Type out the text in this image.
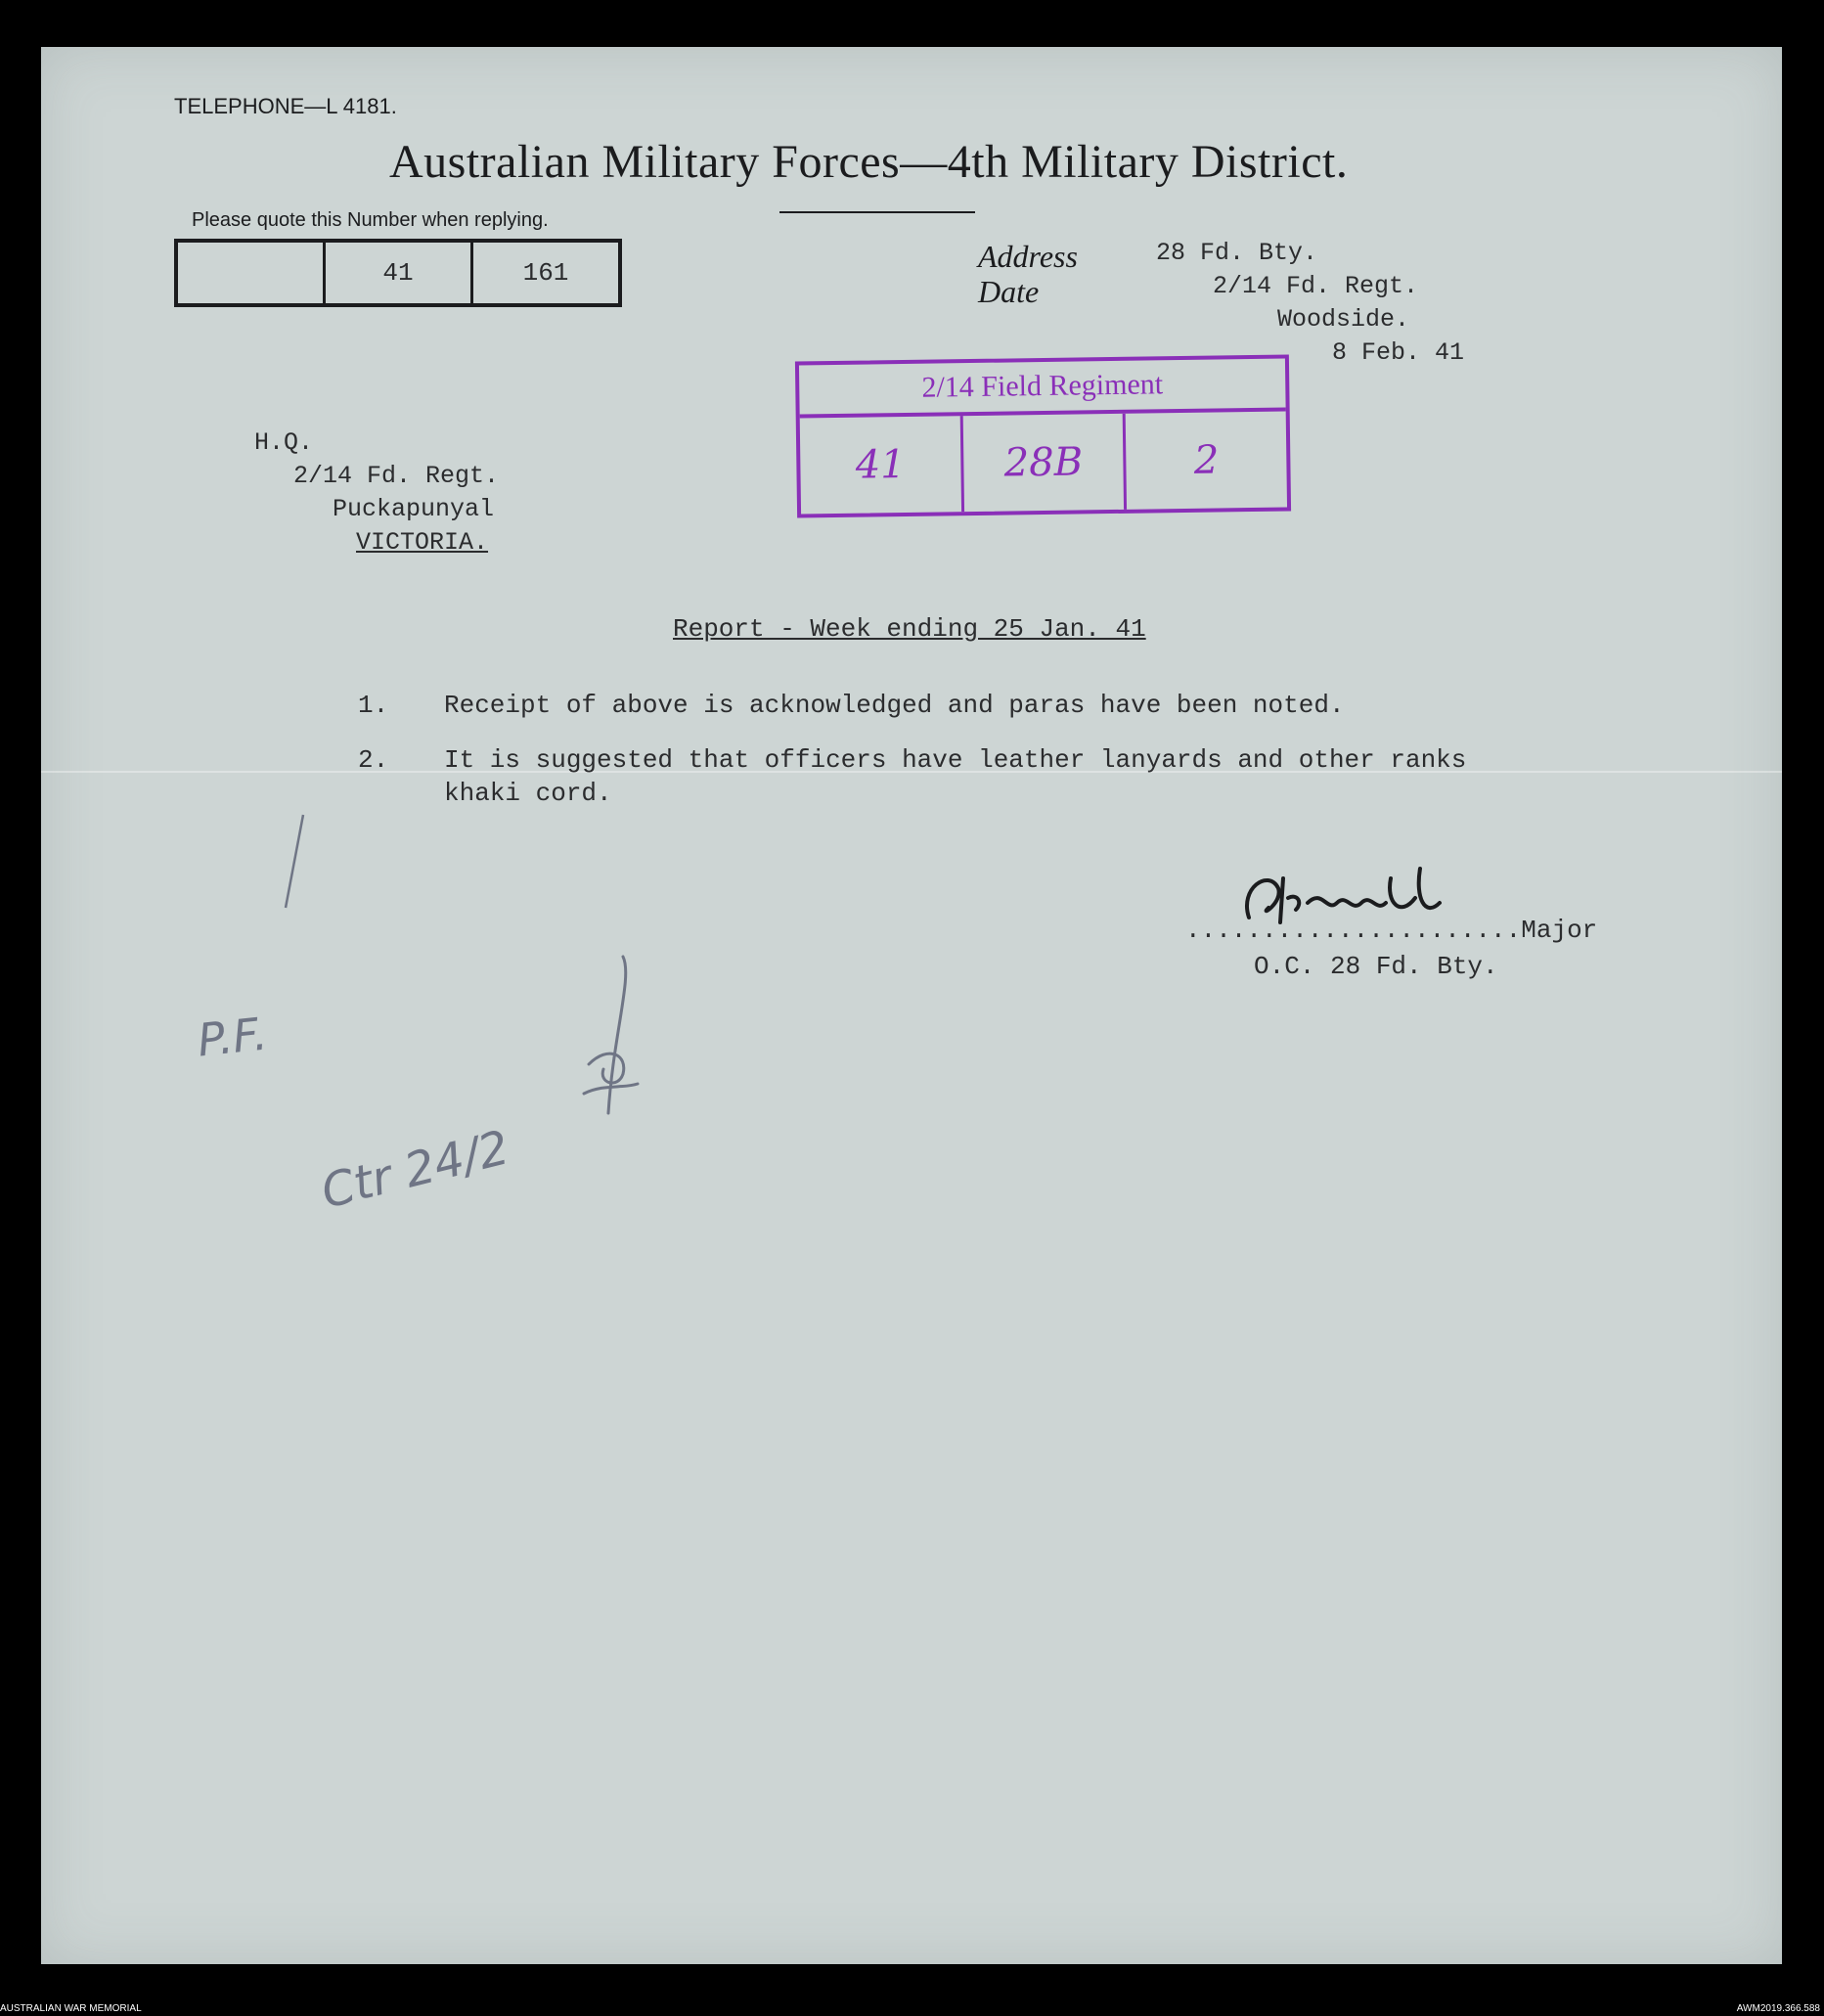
TELEPHONE—L 4181.
Australian Military Forces—4th Military District.
Please quote this Number when replying.
41	161	Address
Date
28 Fd. Bty.
2/14 Fd. Regt.
Woodside.
8 Feb. 41
2/14 Field Regiment
41	28B	2
H.Q.
2/14 Fd. Regt.
Puckapunyal
VICTORIA.
Report - Week ending 25 Jan. 41
1. Receipt of above is acknowledged and paras have been noted.
2. It is suggested that officers have leather lanyards and other ranks khaki cord.
......................Major
O.C. 28 Fd. Bty.
P.F.
Ctr 24/2
AUSTRALIAN WAR MEMORIAL	AWM2019.366.588
